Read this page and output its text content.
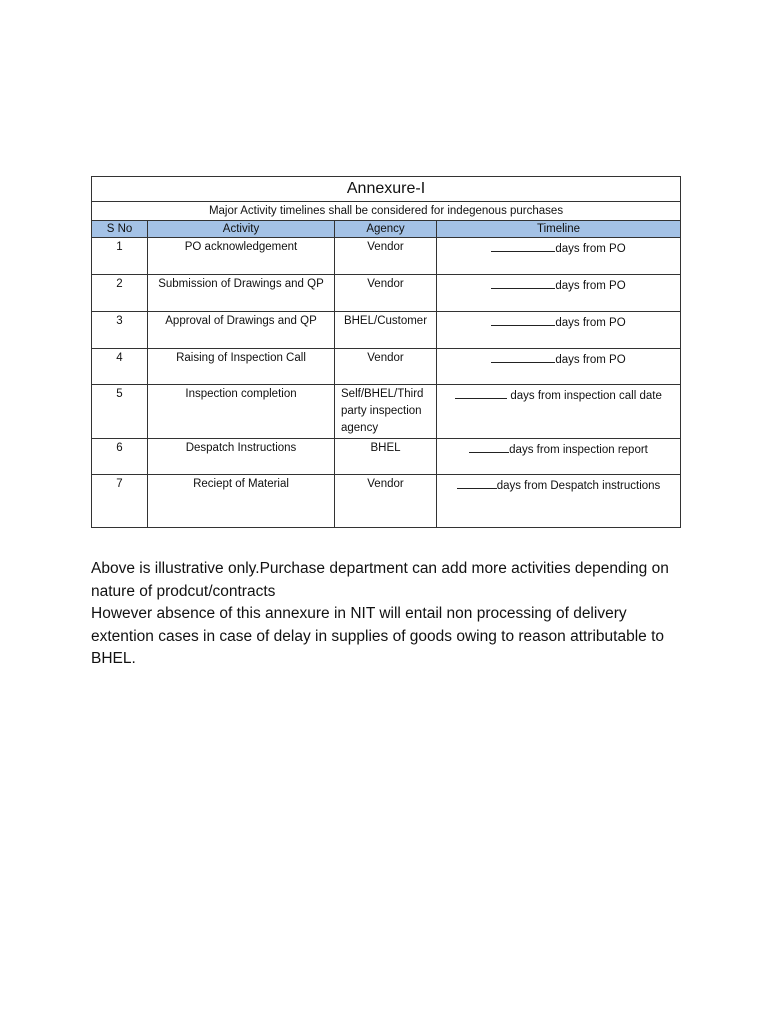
Annexure-I			
Major Activity timelines shall be considered for indegenous purchases			
S No	Activity	Agency	Timeline
1	PO acknowledgement	Vendor	days from PO
2	Submission of Drawings and QP	Vendor	days from PO
3	Approval of Drawings and QP	BHEL/Customer	days from PO
4	Raising of Inspection Call	Vendor	days from PO
5	Inspection completion	Self/BHEL/Third party inspection agency	days from inspection call date
6	Despatch Instructions	BHEL	days from inspection report
7	Reciept of Material	Vendor	days from Despatch instructions

Above is illustrative only.Purchase department can add more activities depending on nature of prodcut/contracts

However absence of this annexure in NIT will entail non processing of delivery extention cases in case of delay in supplies of goods owing to reason attributable to BHEL.
